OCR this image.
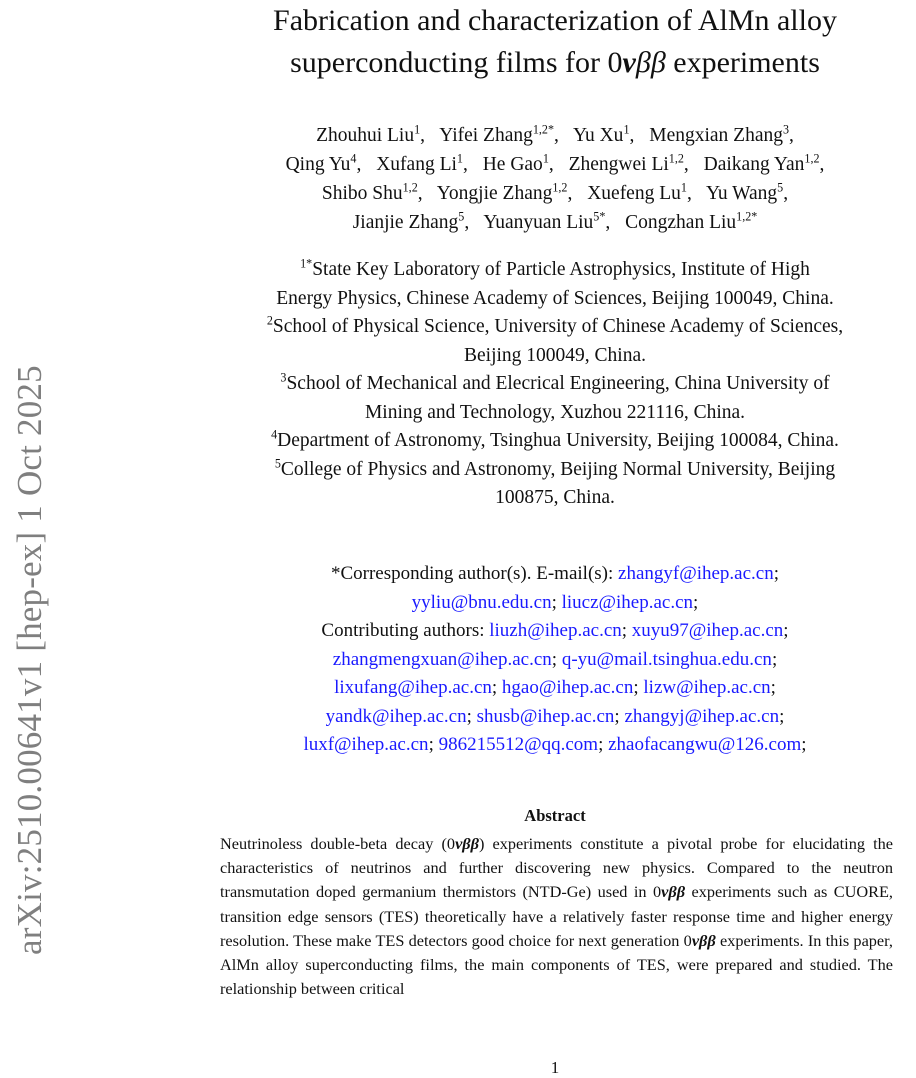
arXiv:2510.00641v1 [hep-ex] 1 Oct 2025
Fabrication and characterization of AlMn alloy
superconducting films for 0νββ experiments
Zhouhui Liu$^1$, Yifei Zhang$^{1,2*}$, Yu Xu$^1$, Mengxian Zhang$^3$,
Qing Yu$^4$, Xufang Li$^1$, He Gao$^1$, Zhengwei Li$^{1,2}$, Daikang Yan$^{1,2}$,
Shibo Shu$^{1,2}$, Yongjie Zhang$^{1,2}$, Xuefeng Lu$^1$, Yu Wang$^5$,
Jianjie Zhang$^5$, Yuanyuan Liu$^{5*}$, Congzhan Liu$^{1,2*}$
$^{1*}$State Key Laboratory of Particle Astrophysics, Institute of High
Energy Physics, Chinese Academy of Sciences, Beijing 100049, China.
$^2$School of Physical Science, University of Chinese Academy of Sciences,
Beijing 100049, China.
$^3$School of Mechanical and Elecrical Engineering, China University of
Mining and Technology, Xuzhou 221116, China.
$^4$Department of Astronomy, Tsinghua University, Beijing 100084, China.
$^5$College of Physics and Astronomy, Beijing Normal University, Beijing
100875, China.
*Corresponding author(s). E-mail(s): zhangyf@ihep.ac.cn;
yyliu@bnu.edu.cn; liucz@ihep.ac.cn;
Contributing authors: liuzh@ihep.ac.cn; xuyu97@ihep.ac.cn;
zhangmengxuan@ihep.ac.cn; q-yu@mail.tsinghua.edu.cn;
lixufang@ihep.ac.cn; hgao@ihep.ac.cn; lizw@ihep.ac.cn;
yandk@ihep.ac.cn; shusb@ihep.ac.cn; zhangyj@ihep.ac.cn;
luxf@ihep.ac.cn; 986215512@qq.com; zhaofacangwu@126.com;
Abstract
Neutrinoless double-beta decay (0νββ) experiments constitute a pivotal probe for elucidating the characteristics of neutrinos and further discovering new physics. Compared to the neutron transmutation doped germanium thermistors (NTD-Ge) used in 0νββ experiments such as CUORE, transition edge sensors (TES) theoretically have a relatively faster response time and higher energy resolution. These make TES detectors good choice for next generation 0νββ experiments. In this paper, AlMn alloy superconducting films, the main components of TES, were prepared and studied. The relationship between critical
1
